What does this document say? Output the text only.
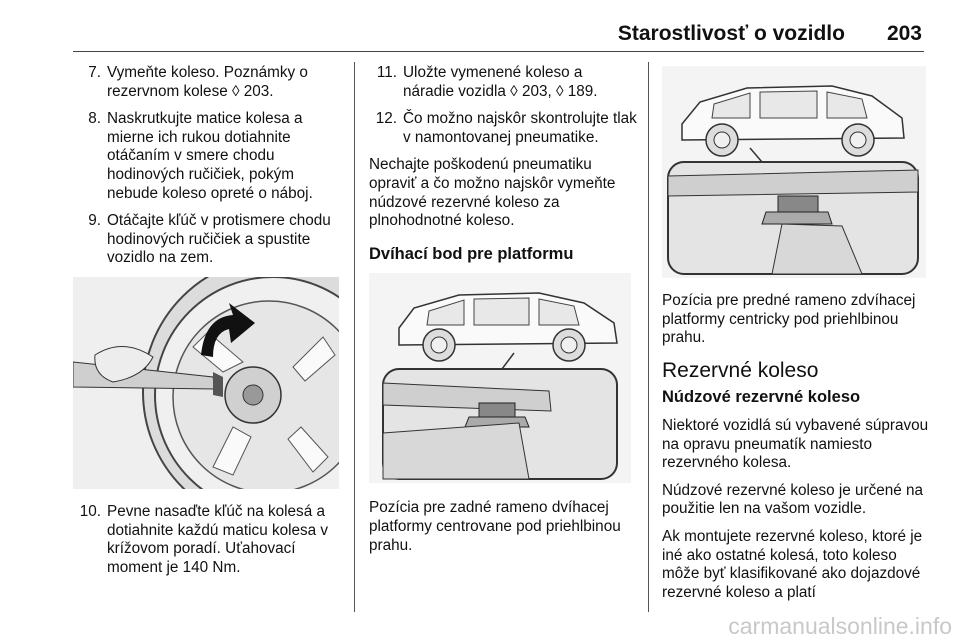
Starostlivosť o vozidlo 203
7. Vymeňte koleso. Poznámky o rezervnom kolese ◊ 203.
8. Naskrutkujte matice kolesa a mierne ich rukou dotiahnite otáčaním v smere chodu hodinových ručičiek, pokým nebude koleso opreté o náboj.
9. Otáčajte kľúč v protismere chodu hodinových ručičiek a spustite vozidlo na zem.
10. Pevne nasaďte kľúč na kolesá a dotiahnite každú maticu kolesa v krížovom poradí. Uťahovací moment je 140 Nm.
11. Uložte vymenené koleso a náradie vozidla ◊ 203, ◊ 189.
12. Čo možno najskôr skontrolujte tlak v namontovanej pneumatike.

Nechajte poškodenú pneumatiku opraviť a čo možno najskôr vymeňte núdzové rezervné koleso za plnohodnotné koleso.

Dvíhací bod pre platformu

Pozícia pre zadné rameno dvíhacej platformy centrovane pod priehlbinou prahu.

Pozícia pre predné rameno zdvíhacej platformy centricky pod priehlbinou prahu.

Rezervné koleso
Núdzové rezervné koleso

Niektoré vozidlá sú vybavené súpravou na opravu pneumatík namiesto rezervného kolesa.

Núdzové rezervné koleso je určené na použitie len na vašom vozidle.

Ak montujete rezervné koleso, ktoré je iné ako ostatné kolesá, toto koleso môže byť klasifikované ako dojazdové rezervné koleso a platí

carmanualsonline.info
